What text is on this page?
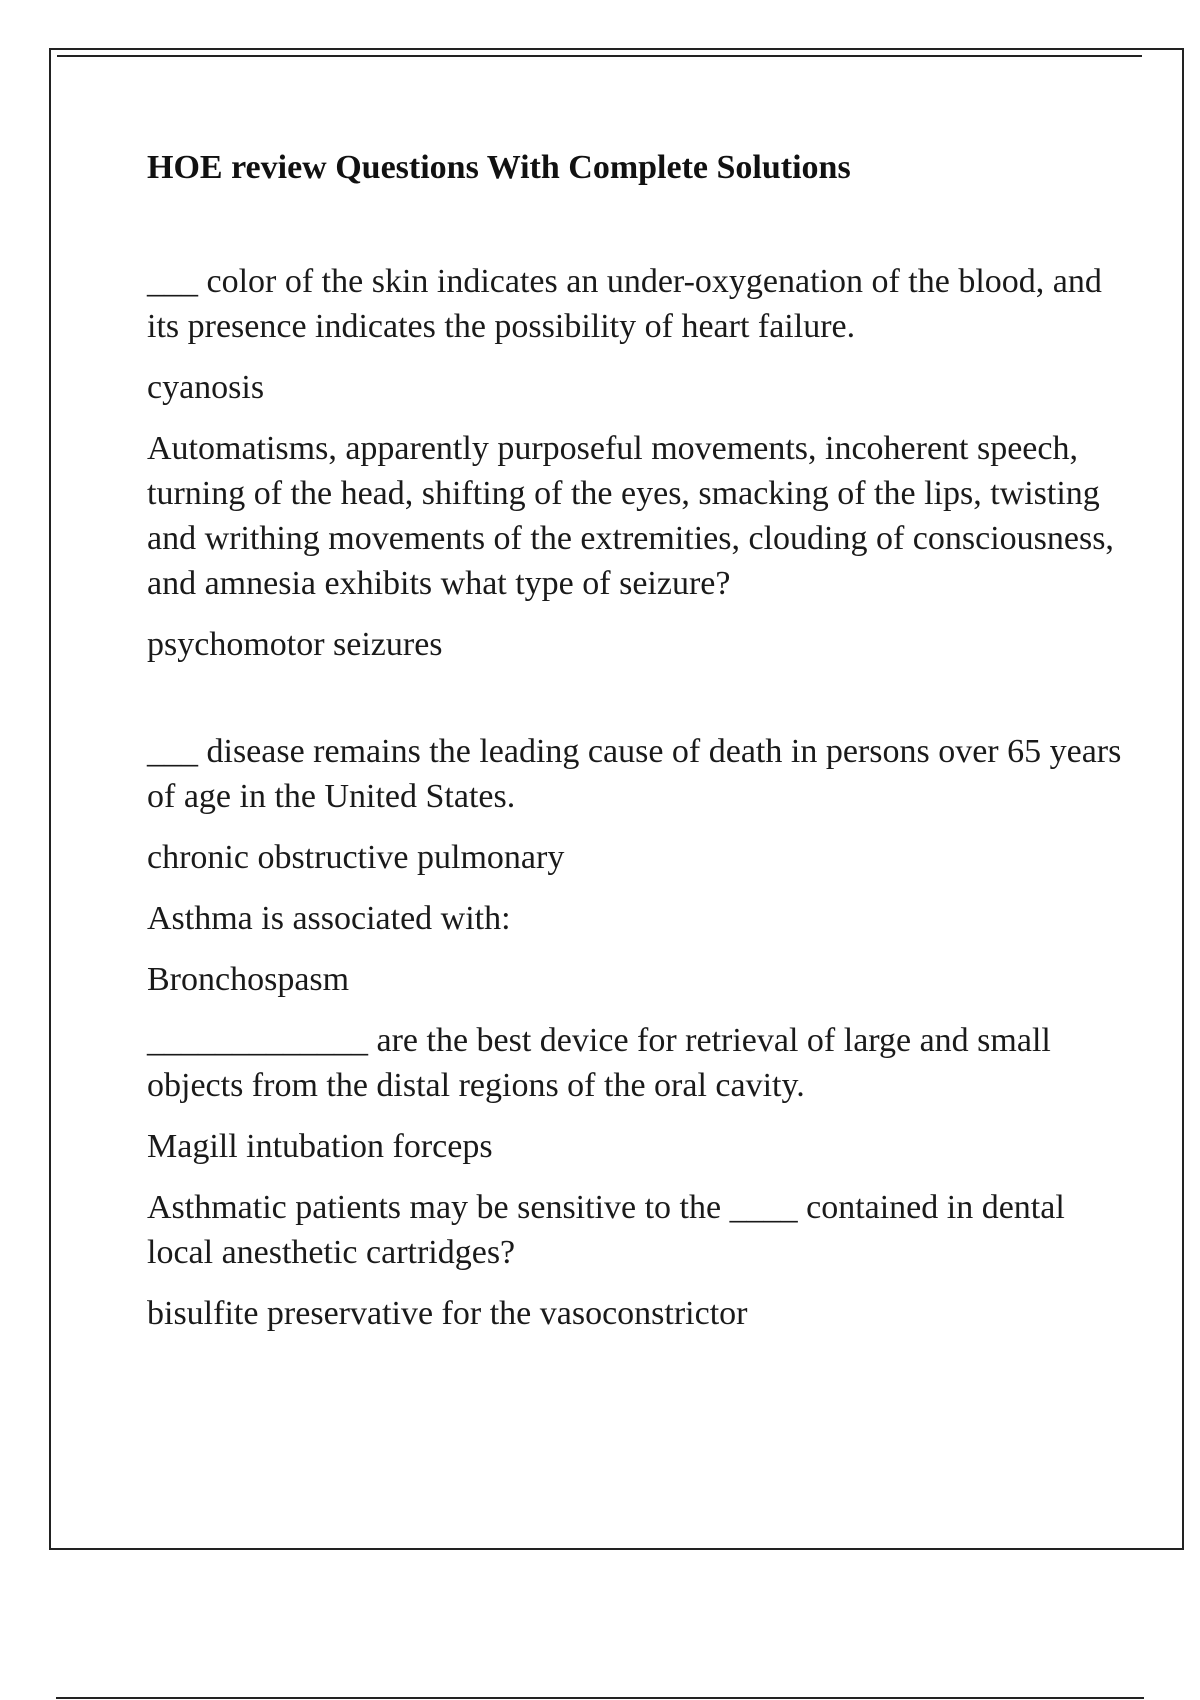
HOE review Questions With Complete Solutions

___ color of the skin indicates an under-oxygenation of the blood, and its presence indicates the possibility of heart failure.

cyanosis

Automatisms, apparently purposeful movements, incoherent speech, turning of the head, shifting of the eyes, smacking of the lips, twisting and writhing movements of the extremities, clouding of consciousness, and amnesia exhibits what type of seizure?

psychomotor seizures

___ disease remains the leading cause of death in persons over 65 years of age in the United States.

chronic obstructive pulmonary

Asthma is associated with:

Bronchospasm

_____________ are the best device for retrieval of large and small objects from the distal regions of the oral cavity.

Magill intubation forceps

Asthmatic patients may be sensitive to the ____ contained in dental local anesthetic cartridges?

bisulfite preservative for the vasoconstrictor
